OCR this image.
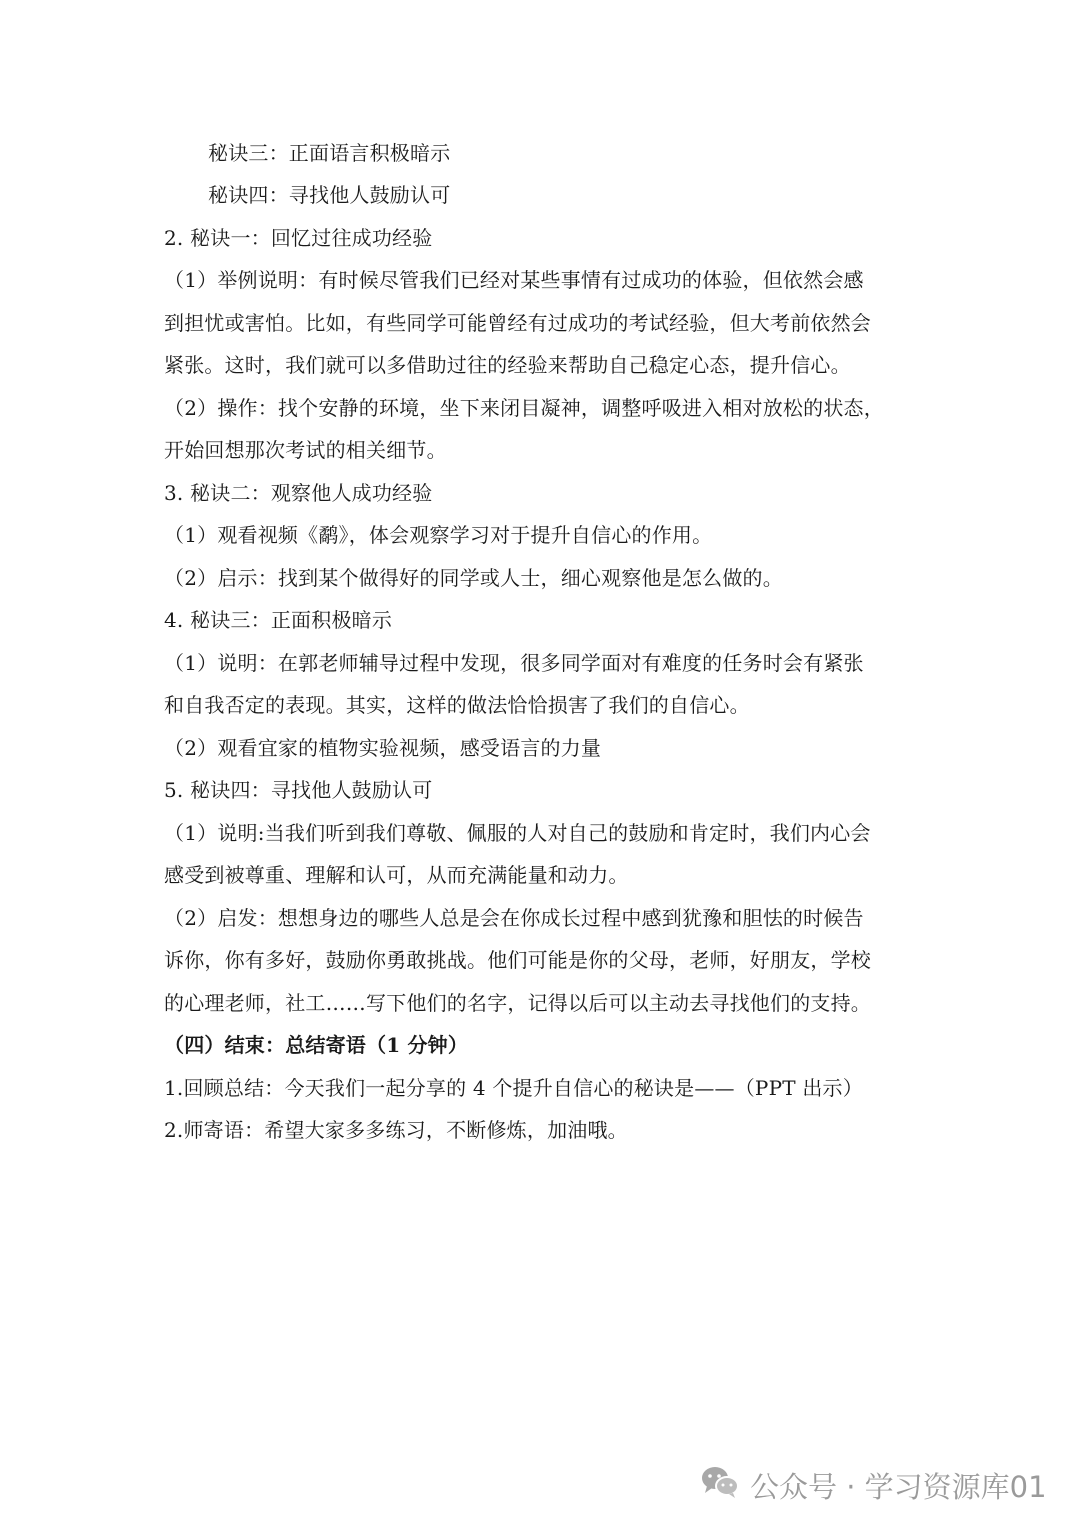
秘诀三：正面语言积极暗示
秘诀四：寻找他人鼓励认可
2. 秘诀一：回忆过往成功经验
（1）举例说明：有时候尽管我们已经对某些事情有过成功的体验，但依然会感
到担忧或害怕。比如，有些同学可能曾经有过成功的考试经验，但大考前依然会
紧张。这时，我们就可以多借助过往的经验来帮助自己稳定心态，提升信心。
（2）操作：找个安静的环境，坐下来闭目凝神，调整呼吸进入相对放松的状态，
开始回想那次考试的相关细节。
3. 秘诀二：观察他人成功经验
（1）观看视频《鹬》，体会观察学习对于提升自信心的作用。
（2）启示：找到某个做得好的同学或人士，细心观察他是怎么做的。
4. 秘诀三：正面积极暗示
（1）说明：在郭老师辅导过程中发现，很多同学面对有难度的任务时会有紧张
和自我否定的表现。其实，这样的做法恰恰损害了我们的自信心。
（2）观看宜家的植物实验视频，感受语言的力量
5. 秘诀四：寻找他人鼓励认可
（1）说明:当我们听到我们尊敬、佩服的人对自己的鼓励和肯定时，我们内心会
感受到被尊重、理解和认可，从而充满能量和动力。
（2）启发：想想身边的哪些人总是会在你成长过程中感到犹豫和胆怯的时候告
诉你，你有多好，鼓励你勇敢挑战。他们可能是你的父母，老师，好朋友，学校
的心理老师，社工……写下他们的名字，记得以后可以主动去寻找他们的支持。
（四）结束：总结寄语（1 分钟）
1.回顾总结：今天我们一起分享的 4 个提升自信心的秘诀是——（PPT 出示）
2.师寄语：希望大家多多练习，不断修炼，加油哦。
公众号 · 学习资源库01
